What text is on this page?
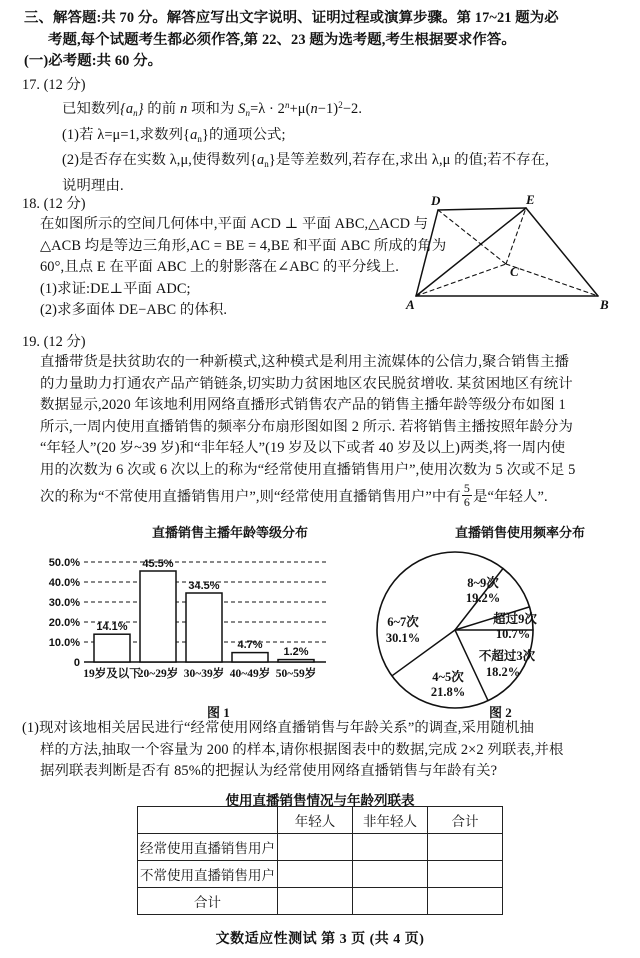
三、解答题:共 70 分。解答应写出文字说明、证明过程或演算步骤。第 17~21 题为必
考题,每个试题考生都必须作答,第 22、23 题为选考题,考生根据要求作答。
(一)必考题:共 60 分。
17. (12 分)
已知数列$\{a_n\}$ 的前 n 项和为 $S_n=\lambda \cdot 2^n+\mu(n-1)^2-2$.
(1)若 λ=μ=1,求数列$\{a_n\}$的通项公式;
(2)是否存在实数 λ,μ,使得数列$\{a_n\}$是等差数列,若存在,求出 λ,μ 的值;若不存在,
说明理由.
18. (12 分)
在如图所示的空间几何体中,平面 ACD ⊥ 平面 ABC,△ACD 与
△ACB 均是等边三角形,AC = BE = 4,BE 和平面 ABC 所成的角为
60°,且点 E 在平面 ABC 上的射影落在∠ABC 的平分线上.
(1)求证:DE⊥平面 ADC;
(2)求多面体 DE−ABC 的体积.	A	B
C
D	E
19. (12 分)
直播带货是扶贫助农的一种新模式,这种模式是利用主流媒体的公信力,聚合销售主播
的力量助力打通农产品产销链条,切实助力贫困地区农民脱贫增收. 某贫困地区有统计
数据显示,2020 年该地利用网络直播形式销售农产品的销售主播年龄等级分布如图 1
所示,一周内使用直播销售的频率分布扇形图如图 2 所示. 若将销售主播按照年龄分为
“年轻人”(20 岁~39 岁)和“非年轻人”(19 岁及以下或者 40 岁及以上)两类,将一周内使
用的次数为 6 次或 6 次以上的称为“经常使用直播销售用户”,使用次数为 5 次或不足 5
次的称为“不常使用直播销售用户”,则“经常使用直播销售用户”中有 $\frac{5}{6}$ 是“年轻人”.
直播销售主播年龄等级分布	直播销售使用频率分布
50.0%
40.0%
30.0%
20.0%
10.0%
0
14.1%
45.5%
34.5%
4.7%
1.2%
19岁及以下
20~29岁 30~39岁 40~49岁 50~59岁
8~9次
19.2%
超过9次
10.7%
不超过3次
18.2%
4~5次
21.8%
6~7次
30.1%
图 1	图 2
(1)现对该地相关居民进行“经常使用网络直播销售与年龄关系”的调查,采用随机抽
样的方法,抽取一个容量为 200 的样本,请你根据图表中的数据,完成 2×2 列联表,并根
据列联表判断是否有 85%的把握认为经常使用网络直播销售与年龄有关?
使用直播销售情况与年龄列联表
	年轻人	非年轻人	合计
经常使用直播销售用户			
不常使用直播销售用户			
合计			
文数适应性测试 第 3 页 (共 4 页)
